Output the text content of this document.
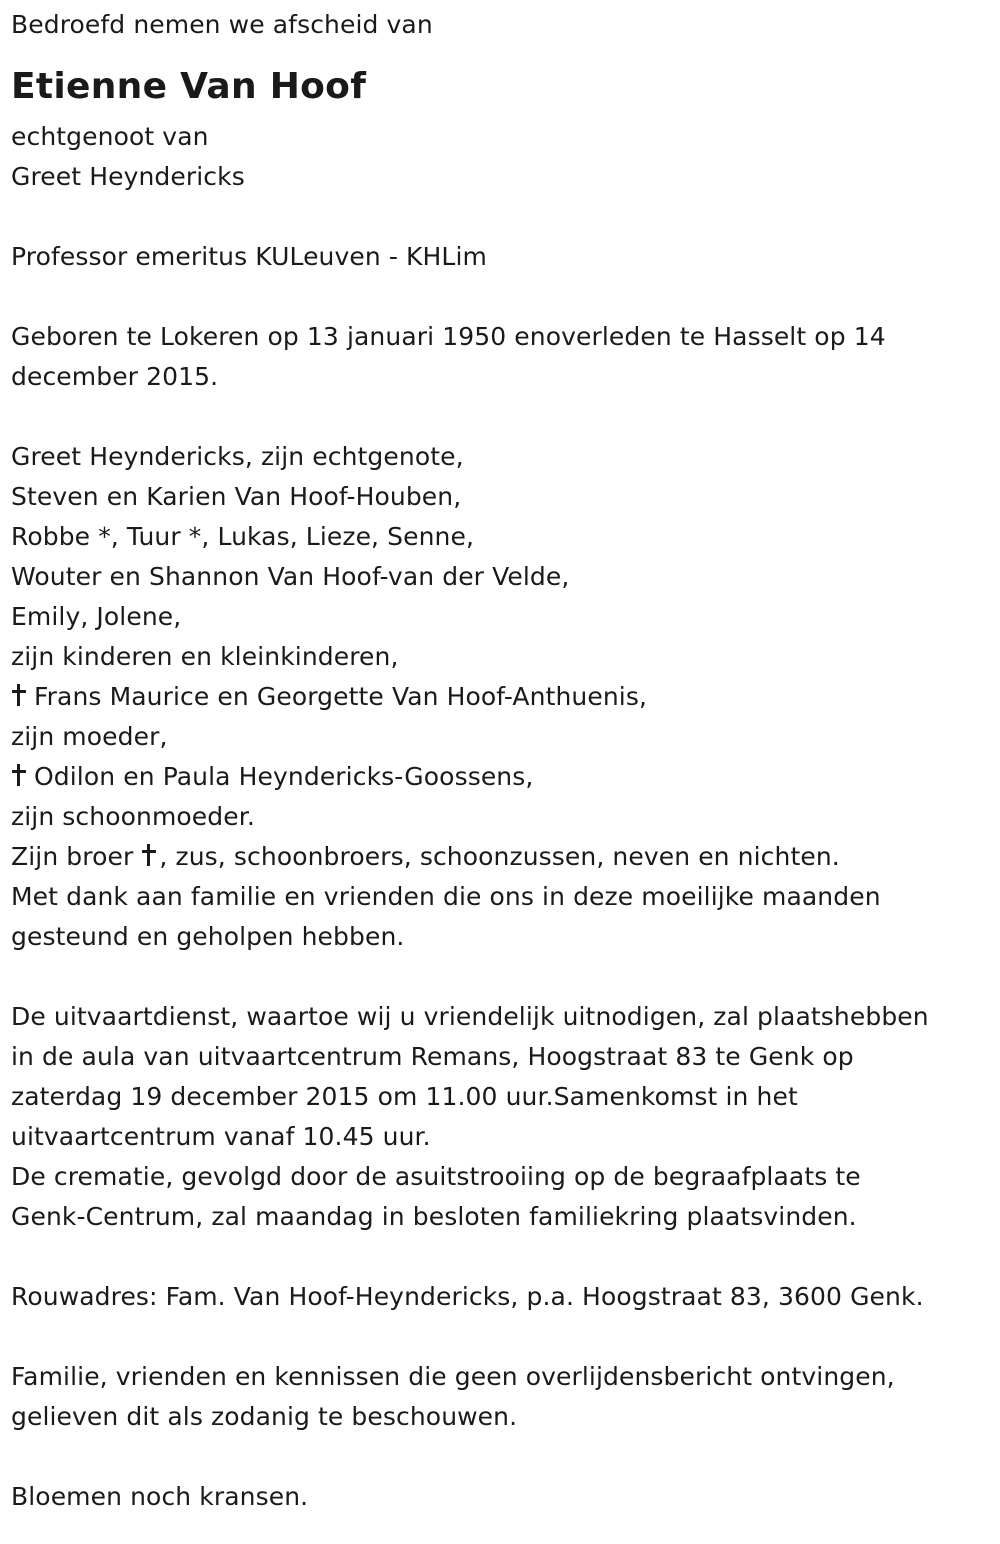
Bedroefd nemen we afscheid van
Etienne Van Hoof
echtgenoot van
Greet Heyndericks
Professor emeritus KULeuven - KHLim
Geboren te Lokeren op 13 januari 1950 enoverleden te Hasselt op 14
december 2015.
Greet Heyndericks, zijn echtgenote,
Steven en Karien Van Hoof-Houben,
Robbe *, Tuur *, Lukas, Lieze, Senne,
Wouter en Shannon Van Hoof-van der Velde,
Emily, Jolene,
zijn kinderen en kleinkinderen,
Frans Maurice en Georgette Van Hoof-Anthuenis,
zijn moeder,
Odilon en Paula Heyndericks-Goossens,
zijn schoonmoeder.
Zijn broer , zus, schoonbroers, schoonzussen, neven en nichten.
Met dank aan familie en vrienden die ons in deze moeilijke maanden
gesteund en geholpen hebben.
De uitvaartdienst, waartoe wij u vriendelijk uitnodigen, zal plaatshebben
in de aula van uitvaartcentrum Remans, Hoogstraat 83 te Genk op
zaterdag 19 december 2015 om 11.00 uur.Samenkomst in het
uitvaartcentrum vanaf 10.45 uur.
De crematie, gevolgd door de asuitstrooiing op de begraafplaats te
Genk-Centrum, zal maandag in besloten familiekring plaatsvinden.
Rouwadres: Fam. Van Hoof-Heyndericks, p.a. Hoogstraat 83, 3600 Genk.
Familie, vrienden en kennissen die geen overlijdensbericht ontvingen,
gelieven dit als zodanig te beschouwen.
Bloemen noch kransen.
